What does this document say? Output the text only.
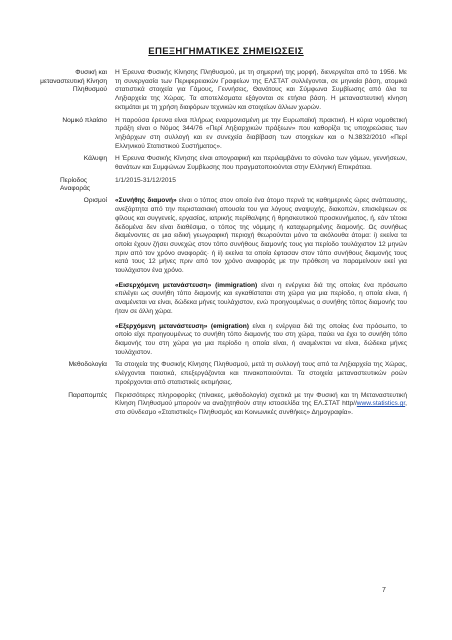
ΕΠΕΞΗΓΗΜΑΤΙΚΕΣ ΣΗΜΕΙΩΣΕΙΣ
Φυσική και μεταναστευτική Κίνηση Πληθυσμού

Η Έρευνα Φυσικής Κίνησης Πληθυσμού, με τη σημερινή της μορφή, διενεργείται από το 1956. Με τη συνεργασία των Περιφερειακών Γραφείων της ΕΛΣΤΑΤ συλλέγονται, σε μηνιαία βάση, ατομικά στατιστικά στοιχεία για Γάμους, Γεννήσεις, Θανάτους και Σύμφωνα Συμβίωσης από όλα τα Ληξιαρχεία της Χώρας. Τα αποτελέσματα εξάγονται σε ετήσια βάση. Η μεταναστευτική κίνηση εκτιμάται με τη χρήση διαφόρων τεχνικών και στοιχείων άλλων χωρών.

Νομικό πλαίσιο Η παρούσα έρευνα είναι πλήρως εναρμονισμένη με την Ευρωπαϊκή πρακτική. Η κύρια νομοθετική πράξη είναι ο Νόμος 344/76 «Περί Ληξιαρχικών πράξεων» που καθορίζει τις υποχρεώσεις των ληξιάρχων στη συλλογή και εν συνεχεία διαβίβαση των στοιχείων και ο Ν.3832/2010 «Περί Ελληνικού Στατιστικού Συστήματος».

Κάλυψη Η Έρευνα Φυσικής Κίνησης είναι απογραφική και περιλαμβάνει το σύνολο των γάμων, γεννήσεων, θανάτων και Συμφώνων Συμβίωσης που πραγματοποιούνται στην Ελληνική Επικράτεια.

Περίοδος Αναφοράς

1/1/2015-31/12/2015

Ορισμοί «Συνήθης διαμονή» είναι ο τόπος στον οποίο ένα άτομο περνά τις καθημερινές ώρες ανάπαυσης, ανεξάρτητα από την περιστασιακή απουσία του για λόγους αναψυχής, διακοπών, επισκέψεων σε φίλους και συγγενείς, εργασίας, ιατρικής περίθαλψης ή θρησκευτικού προσκυνήματος, ή, εάν τέτοια δεδομένα δεν είναι διαθέσιμα, ο τόπος της νόμιμης ή καταχωρημένης διαμονής. Ως συνήθως διαμένοντες σε μια ειδική γεωγραφική περιοχή θεωρούνται μόνο τα ακόλουθα άτομα: i) εκείνα τα οποία έχουν ζήσει συνεχώς στον τόπο συνήθους διαμονής τους για περίοδο τουλάχιστον 12 μηνών πριν από τον χρόνο αναφοράς· ή ii) εκείνα τα οποία έφτασαν στον τόπο συνήθους διαμονής τους κατά τους 12 μήνες πριν από τον χρόνο αναφοράς με την πρόθεση να παραμείνουν εκεί για τουλάχιστον ένα χρόνο.

«Εισερχόμενη μετανάστευση» (immigration) είναι η ενέργεια διά της οποίας ένα πρόσωπο επιλέγει ως συνήθη τόπο διαμονής και εγκαθίσταται στη χώρα για μια περίοδο, η οποία είναι, ή αναμένεται να είναι, δώδεκα μήνες τουλάχιστον, ενώ προηγουμένως ο συνήθης τόπος διαμονής του ήταν σε άλλη χώρα.

«Εξερχόμενη μετανάστευση» (emigration) είναι η ενέργεια διά της οποίας ένα πρόσωπο, το οποίο είχε προηγουμένως το συνήθη τόπο διαμονής του στη χώρα, παύει να έχει το συνήθη τόπο διαμονής του στη χώρα για μια περίοδο η οποία είναι, ή αναμένεται να είναι, δώδεκα μήνες τουλάχιστον.

Μεθοδολογία Τα στοιχεία της Φυσικής Κίνησης Πληθυσμού, μετά τη συλλογή τους από τα Ληξιαρχεία της Χώρας, ελέγχονται ποιοτικά, επεξεργάζονται και πινακοποιούνται. Τα στοιχεία μεταναστευτικών ροών προέρχονται από στατιστικές εκτιμήσεις.

Παραπομπές Περισσότερες πληροφορίες (πίνακες, μεθοδολογία) σχετικά με την Φυσική και τη Μεταναστευτική Κίνηση Πληθυσμού μπορούν να αναζητηθούν στην ιστοσελίδα της ΕΛ.ΣΤΑΤ http//www.statistics.gr, στο σύνδεσμο «Στατιστικές» Πληθυσμός και Κοινωνικές συνθήκες» Δημογραφία».

7
